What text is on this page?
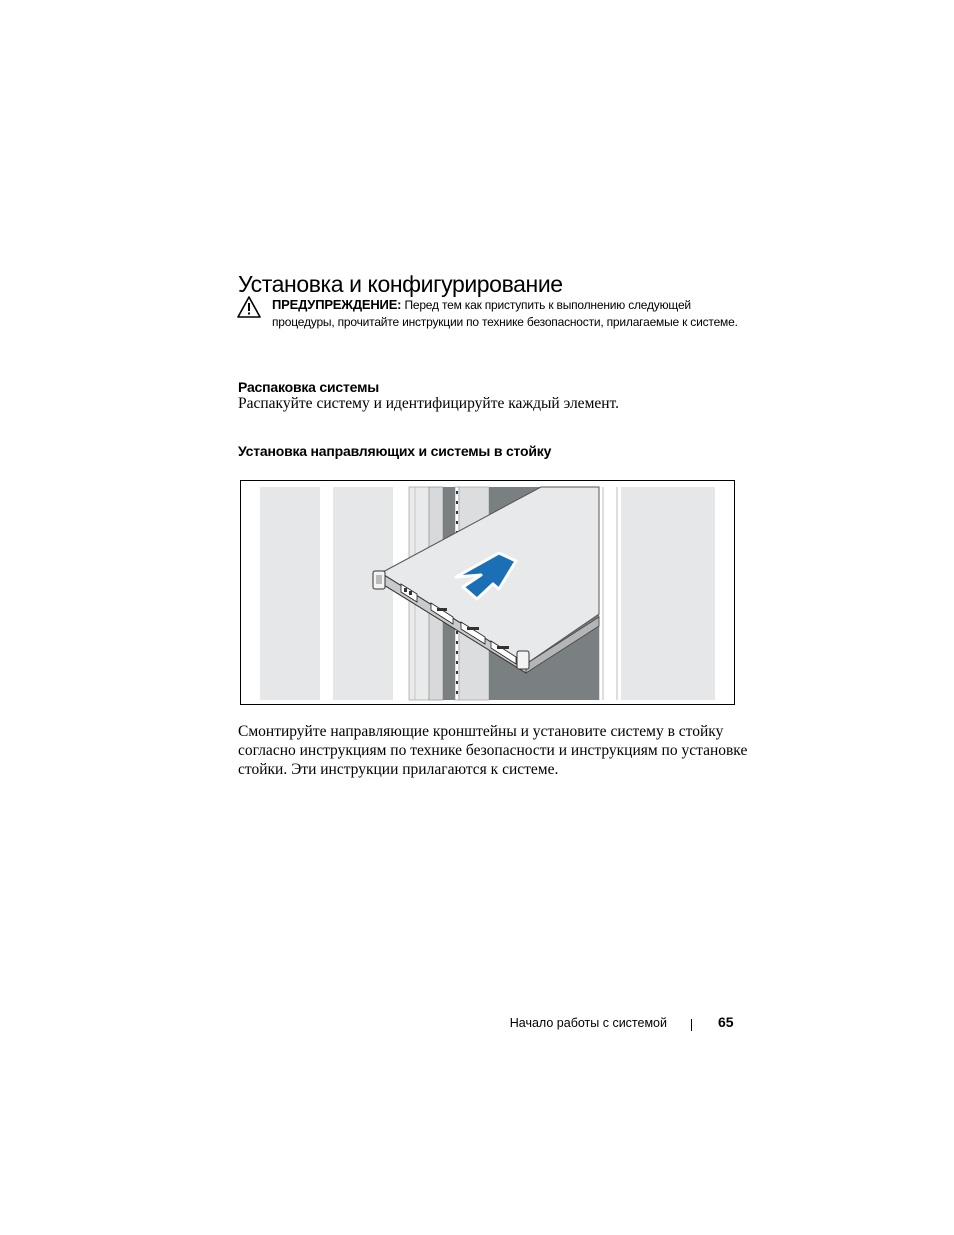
Установка и конфигурирование
ПРЕДУПРЕЖДЕНИЕ: Перед тем как приступить к выполнению следующей процедуры, прочитайте инструкции по технике безопасности, прилагаемые к системе.
Распаковка системы

Распакуйте систему и идентифицируйте каждый элемент.

Установка направляющих и системы в стойку
Смонтируйте направляющие кронштейны и установите систему в стойку
согласно инструкциям по технике безопасности и инструкциям по установке
стойки. Эти инструкции прилагаются к системе.
Начало работы с системой	65
